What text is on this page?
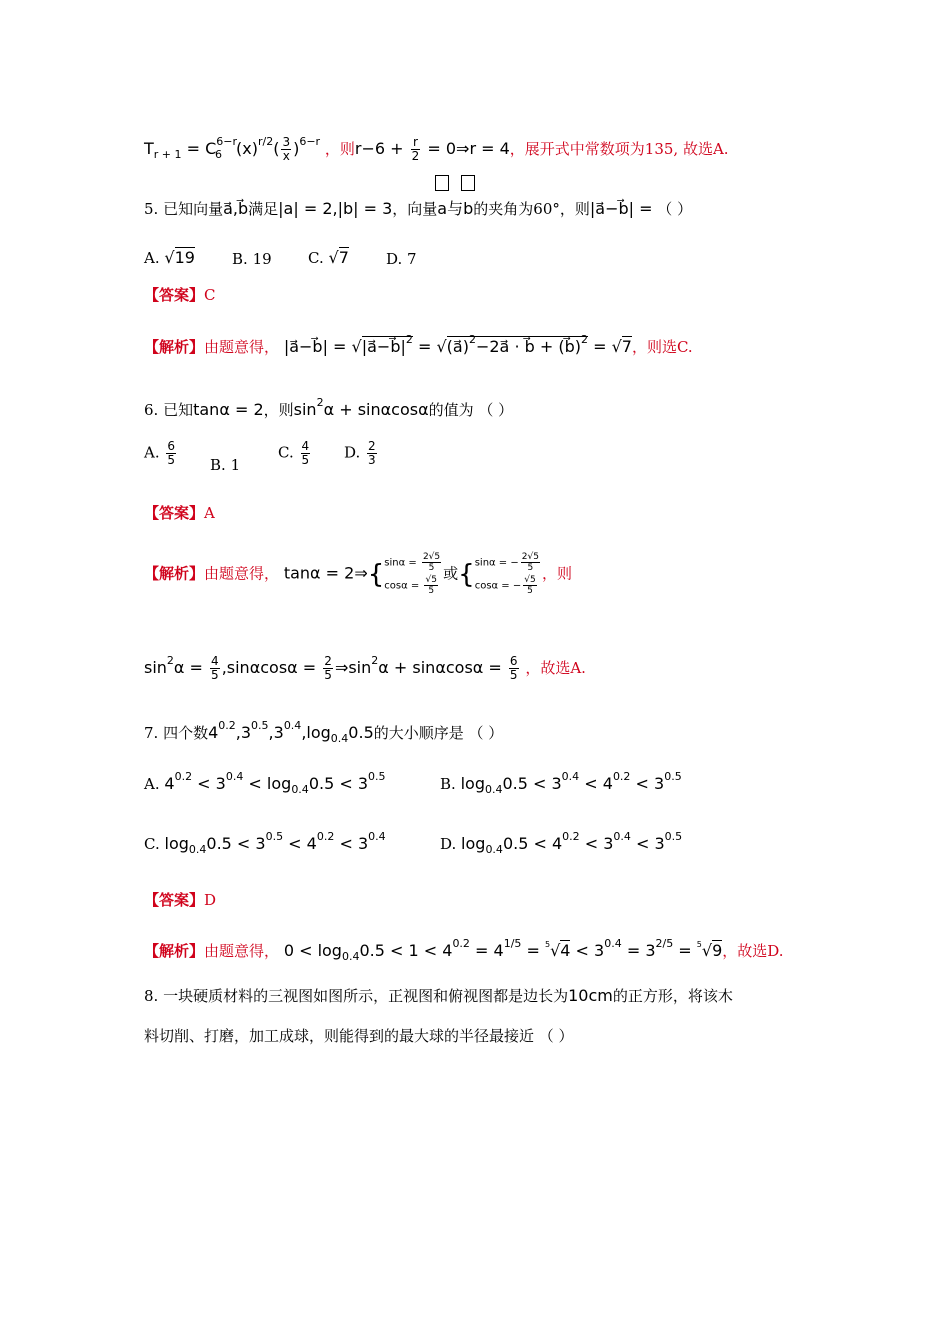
$T_{r + 1} = C^{6-r}_6$ $(x)^{r/2}( \frac{3}{x} )^{6-r}$ ，则$r-6 + \frac{r}{2}$ = 0⇒r = 4，展开式中常数项为135, 故选A.
5. 已知向量a⃗,b⃗满足|a| = 2,|b| = 3，向量a
与b
的夹角为60°，则|a⃗−b⃗| = （ ）
A. √19 B. 19 C. √7 D. 7
【答案】C
【解析】由题意得， |a⃗−b⃗| = $√|a⃗-b⃗|^2$ = √(a⃗)$^2$−2a⃗ · b⃗ + (b⃗)$^2$ = √7，则选C.
6. 已知tanα = 2，则$\sin^2\alpha + \sin\alpha\cos\alpha$的值为 （ ）
A. $\frac{6}{5} B$. 1
C. $\frac{4}{5} D$. $\frac{2}{3}$
【答案】A
【解析】由题意得， tanα = 2⇒{ $\sin\alpha = \frac{2√5}{5}$
$\cos\alpha = \frac{√5}{5}$
或{ sinα = − $\frac{2√5}{5}$
cosα = − $\frac{√5}{5}$
，则
$\sin^2\alpha = \frac{4}{5} ,\sin\alpha\cos\alpha = \frac{2}{5}$ $\Rightarrow\sin^2\alpha + \sin\alpha\cos\alpha = \frac{6}{5}$ ，故选A.
7. 四个数$4^{0.2},3^{0.5},3^{0.4},\log_{0.4}0.5$的大小顺序是 （ ）
A. $4^{0.2} < 3^{0.4} < \log_{0.4}0.5 < 3^{0.5}$	B. $\log_{0.4}0.5 < 3^{0.4} < 4^{0.2} < 3^{0.5}$
C. $\log_{0.4}0.5 < 3^{0.5} < 4^{0.2} < 3^{0.4}$	D. $\log_{0.4}0.5 < 4^{0.2} < 3^{0.4} < 3^{0.5}$
【答案】D
【解析】由题意得， $0 < \log_{0.4}0.5 < 1 < 4^{0.2} = 4^{1/5} = ^5√4 < 3^{0.4} = 3^{2/5} = ^5√9$，故选D.
8. 一块硬质材料的三视图如图所示，正视图和俯视图都是边长为10cm的正方形，将该木
料切削、打磨，加工成球，则能得到的最大球的半径最接近 （ ）
